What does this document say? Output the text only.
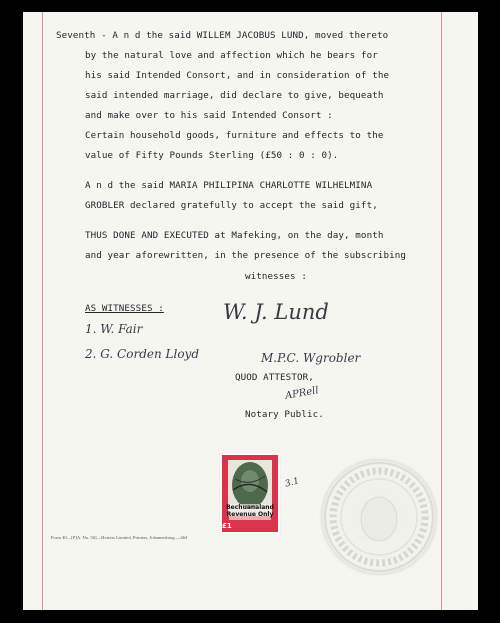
Seventh - A n d the said WILLEM JACOBUS LUND, moved thereto
by the natural love and affection which he bears for
his said Intended Consort, and in consideration of the
said intended marriage, did declare to give, bequeath
and make over to his said Intended Consort :
Certain household goods, furniture and effects to the
value of Fifty Pounds Sterling (£50 : 0 : 0).
A n d the said MARIA PHILIPINA CHARLOTTE WILHELMINA
GROBLER declared gratefully to accept the said gift,
THUS DONE AND EXECUTED at Mafeking, on the day, month
and year aforewritten, in the presence of the subscribing
witnesses :
AS WITNESSES :
1. W. Fair
2. G. Corden Lloyd
W. J. Lund
M.P.C. Wgrobler
QUOD ATTESTOR,
APRell
Notary Public.
Bechuanaland
Revenue Only
£1
3.1
Form 40—[P]A. No. 56]—Horters Limited, Printers, Johannesburg.—464
